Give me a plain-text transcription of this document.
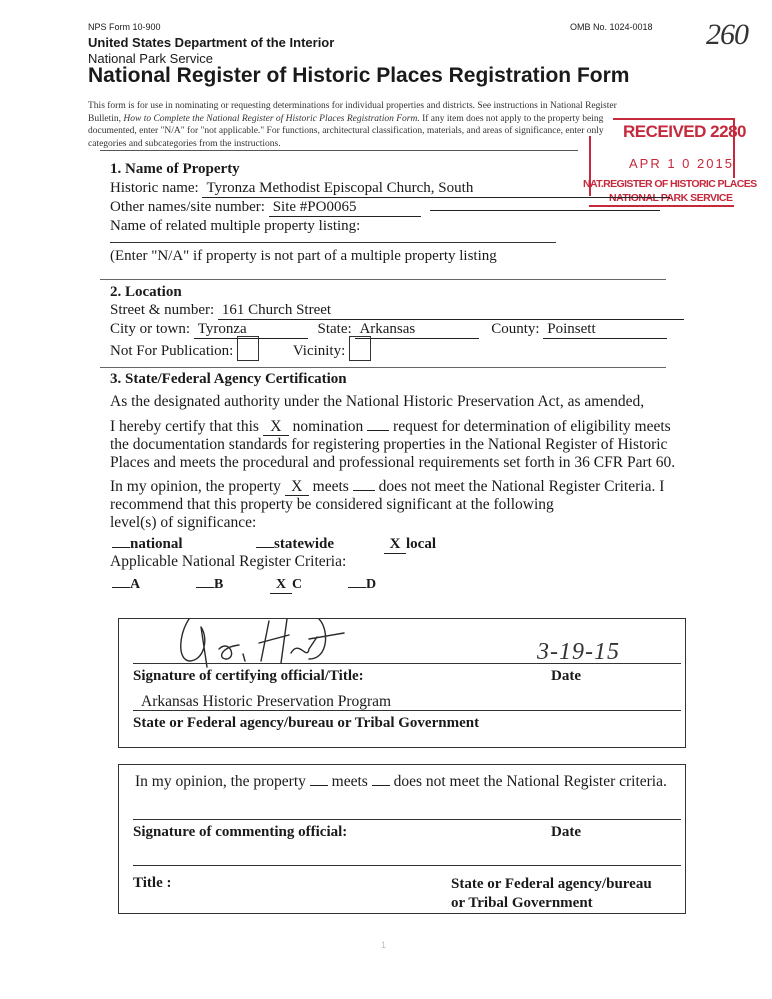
NPS Form 10-900	OMB No. 1024-0018 260
United States Department of the Interior
National Park Service
National Register of Historic Places Registration Form
This form is for use in nominating or requesting determinations for individual properties and districts. See instructions in National Register
Bulletin, How to Complete the National Register of Historic Places Registration Form. If any item does not apply to the property being
documented, enter "N/A" for "not applicable." For functions, architectural classification, materials, and areas of significance, enter only
categories and subcategories from the instructions.
RECEIVED 2280
APR 1 0 2015
NAT.REGISTER OF HISTORIC PLACES
NATIONAL PARK SERVICE
1. Name of Property
Historic name: Tyronza Methodist Episcopal Church, South
Other names/site number: Site #PO0065
Name of related multiple property listing:
(Enter "N/A" if property is not part of a multiple property listing
2. Location
Street & number: 161 Church Street
City or town: Tyronza	State: Arkansas	County: Poinsett
Not For Publication:	Vicinity:
3. State/Federal Agency Certification
As the designated authority under the National Historic Preservation Act, as amended,
I hereby certify that this X nomination request for determination of eligibility meets
the documentation standards for registering properties in the National Register of Historic
Places and meets the procedural and professional requirements set forth in 36 CFR Part 60.
In my opinion, the property X meets does not meet the National Register Criteria. I
recommend that this property be considered significant at the following
level(s) of significance:
national	statewide	X local
Applicable National Register Criteria:
A	B	X C	D
3-19-15
Signature of certifying official/Title:	Date
Arkansas Historic Preservation Program
State or Federal agency/bureau or Tribal Government
In my opinion, the property meets does not meet the National Register criteria.
Signature of commenting official:	Date
Title :	State or Federal agency/bureau
or Tribal Government
1
